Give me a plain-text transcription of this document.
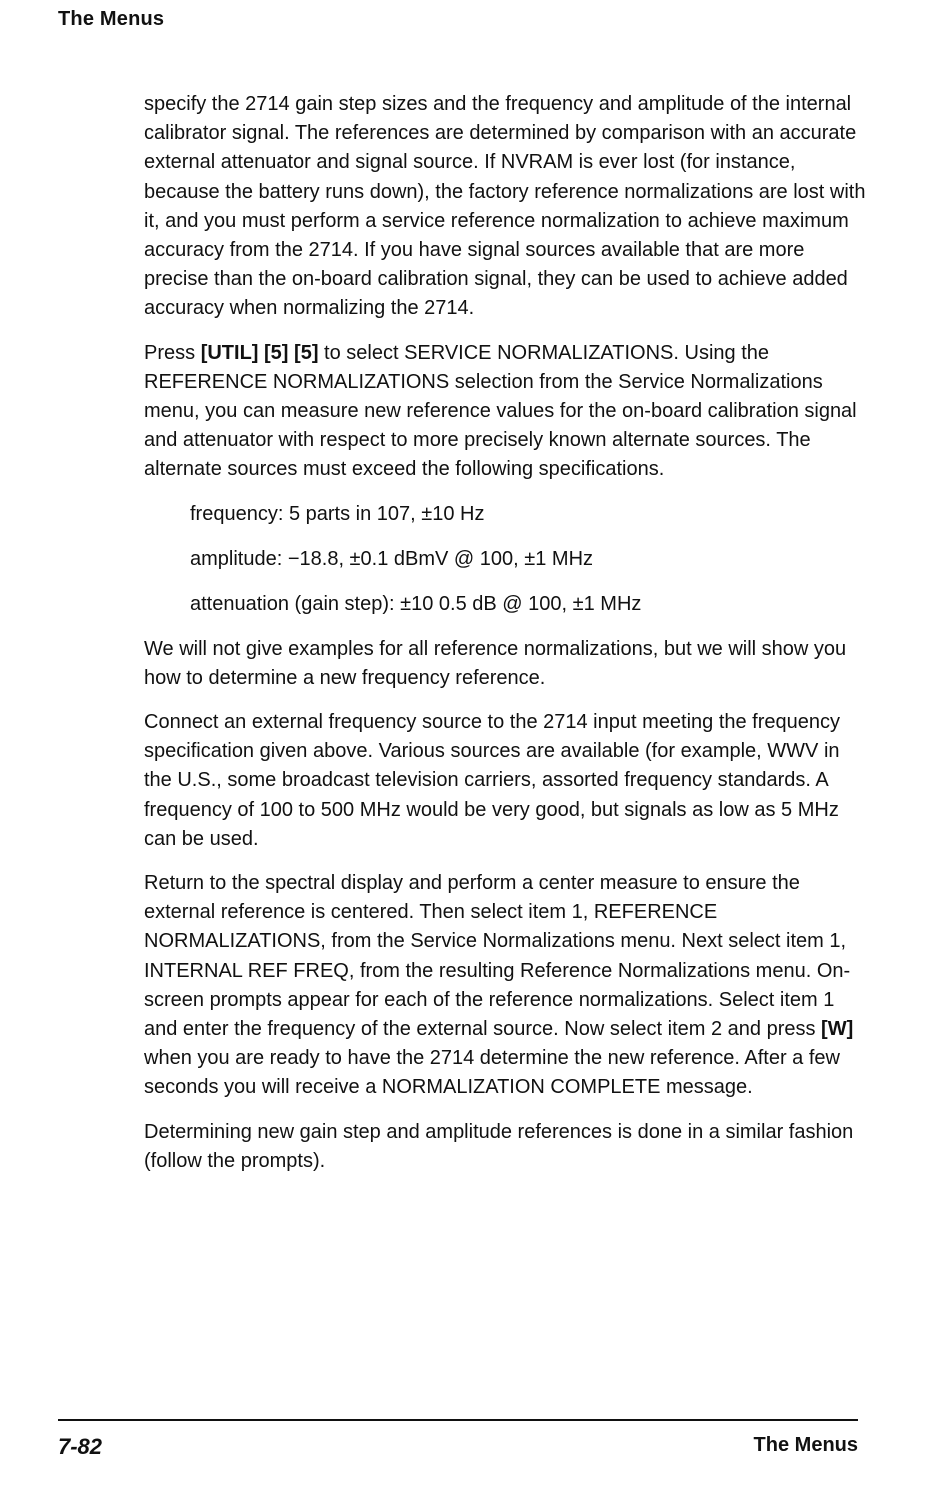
The Menus

specify the 2714 gain step sizes and the frequency and amplitude of the internal calibrator signal. The references are determined by comparison with an accurate external attenuator and signal source. If NVRAM is ever lost (for instance, because the battery runs down), the factory reference normalizations are lost with it, and you must perform a service reference normalization to achieve maximum accuracy from the 2714. If you have signal sources available that are more precise than the on-board calibration signal, they can be used to achieve added accuracy when normalizing the 2714.

Press [UTIL] [5] [5] to select SERVICE NORMALIZATIONS. Using the REFERENCE NORMALIZATIONS selection from the Service Normalizations menu, you can measure new reference values for the on-board calibration signal and attenuator with respect to more precisely known alternate sources. The alternate sources must exceed the following specifications.

frequency: 5 parts in 107, ±10 Hz
amplitude: −18.8, ±0.1 dBmV @ 100, ±1 MHz
attenuation (gain step): ±10 0.5 dB @ 100, ±1 MHz

We will not give examples for all reference normalizations, but we will show you how to determine a new frequency reference.

Connect an external frequency source to the 2714 input meeting the frequency specification given above. Various sources are available (for example, WWV in the U.S., some broadcast television carriers, assorted frequency standards. A frequency of 100 to 500 MHz would be very good, but signals as low as 5 MHz can be used.

Return to the spectral display and perform a center measure to ensure the external reference is centered. Then select item 1, REFERENCE NORMALIZATIONS, from the Service Normalizations menu. Next select item 1, INTERNAL REF FREQ, from the resulting Reference Normalizations menu. On-screen prompts appear for each of the reference normalizations. Select item 1 and enter the frequency of the external source. Now select item 2 and press [W] when you are ready to have the 2714 determine the new reference. After a few seconds you will receive a NORMALIZATION COMPLETE message.

Determining new gain step and amplitude references is done in a similar fashion (follow the prompts).

7-82	The Menus
